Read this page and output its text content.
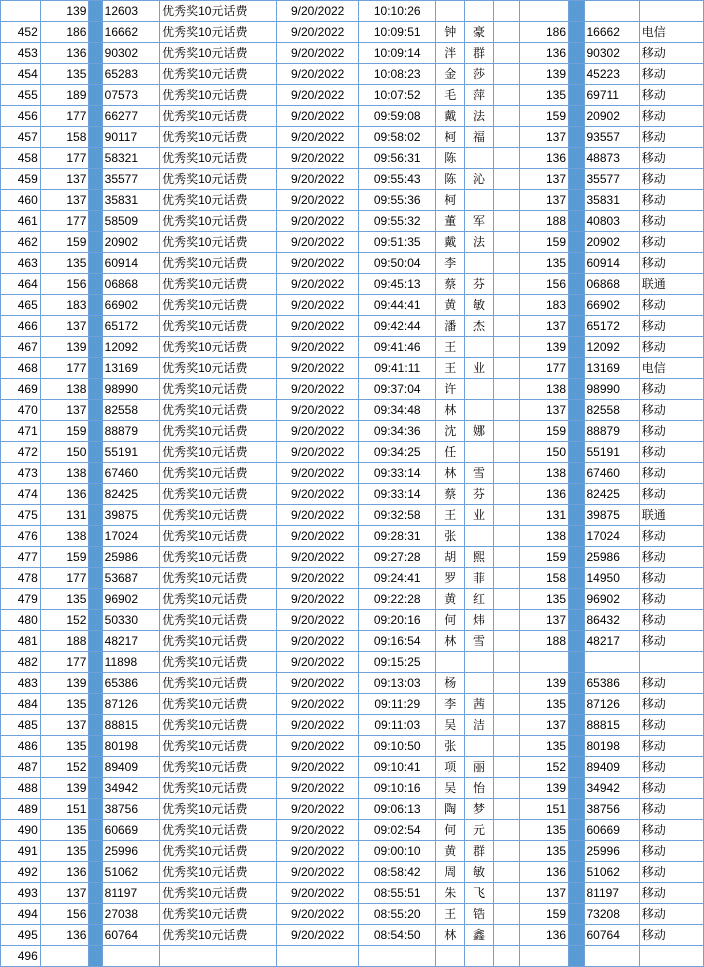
	139		12603	优秀奖10元话费	9/20/2022	10:10:26							
452	186		16662	优秀奖10元话费	9/20/2022	10:09:51	钟	豪		186		16662	电信
453	136		90302	优秀奖10元话费	9/20/2022	10:09:14	泮	群		136		90302	移动
454	135		65283	优秀奖10元话费	9/20/2022	10:08:23	金	莎		139		45223	移动
455	189		07573	优秀奖10元话费	9/20/2022	10:07:52	毛	萍		135		69711	移动
456	177		66277	优秀奖10元话费	9/20/2022	09:59:08	戴	法		159		20902	移动
457	158		90117	优秀奖10元话费	9/20/2022	09:58:02	柯	福		137		93557	移动
458	177		58321	优秀奖10元话费	9/20/2022	09:56:31	陈			136		48873	移动
459	137		35577	优秀奖10元话费	9/20/2022	09:55:43	陈	沁		137		35577	移动
460	137		35831	优秀奖10元话费	9/20/2022	09:55:36	柯			137		35831	移动
461	177		58509	优秀奖10元话费	9/20/2022	09:55:32	董	军		188		40803	移动
462	159		20902	优秀奖10元话费	9/20/2022	09:51:35	戴	法		159		20902	移动
463	135		60914	优秀奖10元话费	9/20/2022	09:50:04	李			135		60914	移动
464	156		06868	优秀奖10元话费	9/20/2022	09:45:13	蔡	芬		156		06868	联通
465	183		66902	优秀奖10元话费	9/20/2022	09:44:41	黄	敏		183		66902	移动
466	137		65172	优秀奖10元话费	9/20/2022	09:42:44	潘	杰		137		65172	移动
467	139		12092	优秀奖10元话费	9/20/2022	09:41:46	王			139		12092	移动
468	177		13169	优秀奖10元话费	9/20/2022	09:41:11	王	业		177		13169	电信
469	138		98990	优秀奖10元话费	9/20/2022	09:37:04	许			138		98990	移动
470	137		82558	优秀奖10元话费	9/20/2022	09:34:48	林			137		82558	移动
471	159		88879	优秀奖10元话费	9/20/2022	09:34:36	沈	娜		159		88879	移动
472	150		55191	优秀奖10元话费	9/20/2022	09:34:25	任			150		55191	移动
473	138		67460	优秀奖10元话费	9/20/2022	09:33:14	林	雪		138		67460	移动
474	136		82425	优秀奖10元话费	9/20/2022	09:33:14	蔡	芬		136		82425	移动
475	131		39875	优秀奖10元话费	9/20/2022	09:32:58	王	业		131		39875	联通
476	138		17024	优秀奖10元话费	9/20/2022	09:28:31	张			138		17024	移动
477	159		25986	优秀奖10元话费	9/20/2022	09:27:28	胡	熙		159		25986	移动
478	177		53687	优秀奖10元话费	9/20/2022	09:24:41	罗	菲		158		14950	移动
479	135		96902	优秀奖10元话费	9/20/2022	09:22:28	黄	红		135		96902	移动
480	152		50330	优秀奖10元话费	9/20/2022	09:20:16	何	炜		137		86432	移动
481	188		48217	优秀奖10元话费	9/20/2022	09:16:54	林	雪		188		48217	移动
482	177		11898	优秀奖10元话费	9/20/2022	09:15:25							
483	139		65386	优秀奖10元话费	9/20/2022	09:13:03	杨			139		65386	移动
484	135		87126	优秀奖10元话费	9/20/2022	09:11:29	李	茜		135		87126	移动
485	137		88815	优秀奖10元话费	9/20/2022	09:11:03	吴	洁		137		88815	移动
486	135		80198	优秀奖10元话费	9/20/2022	09:10:50	张			135		80198	移动
487	152		89409	优秀奖10元话费	9/20/2022	09:10:41	项	丽		152		89409	移动
488	139		34942	优秀奖10元话费	9/20/2022	09:10:16	吴	怡		139		34942	移动
489	151		38756	优秀奖10元话费	9/20/2022	09:06:13	陶	梦		151		38756	移动
490	135		60669	优秀奖10元话费	9/20/2022	09:02:54	何	元		135		60669	移动
491	135		25996	优秀奖10元话费	9/20/2022	09:00:10	黄	群		135		25996	移动
492	136		51062	优秀奖10元话费	9/20/2022	08:58:42	周	敏		136		51062	移动
493	137		81197	优秀奖10元话费	9/20/2022	08:55:51	朱	飞		137		81197	移动
494	156		27038	优秀奖10元话费	9/20/2022	08:55:20	王	锆		159		73208	移动
495	136		60764	优秀奖10元话费	9/20/2022	08:54:50	林	鑫		136		60764	移动
496													
